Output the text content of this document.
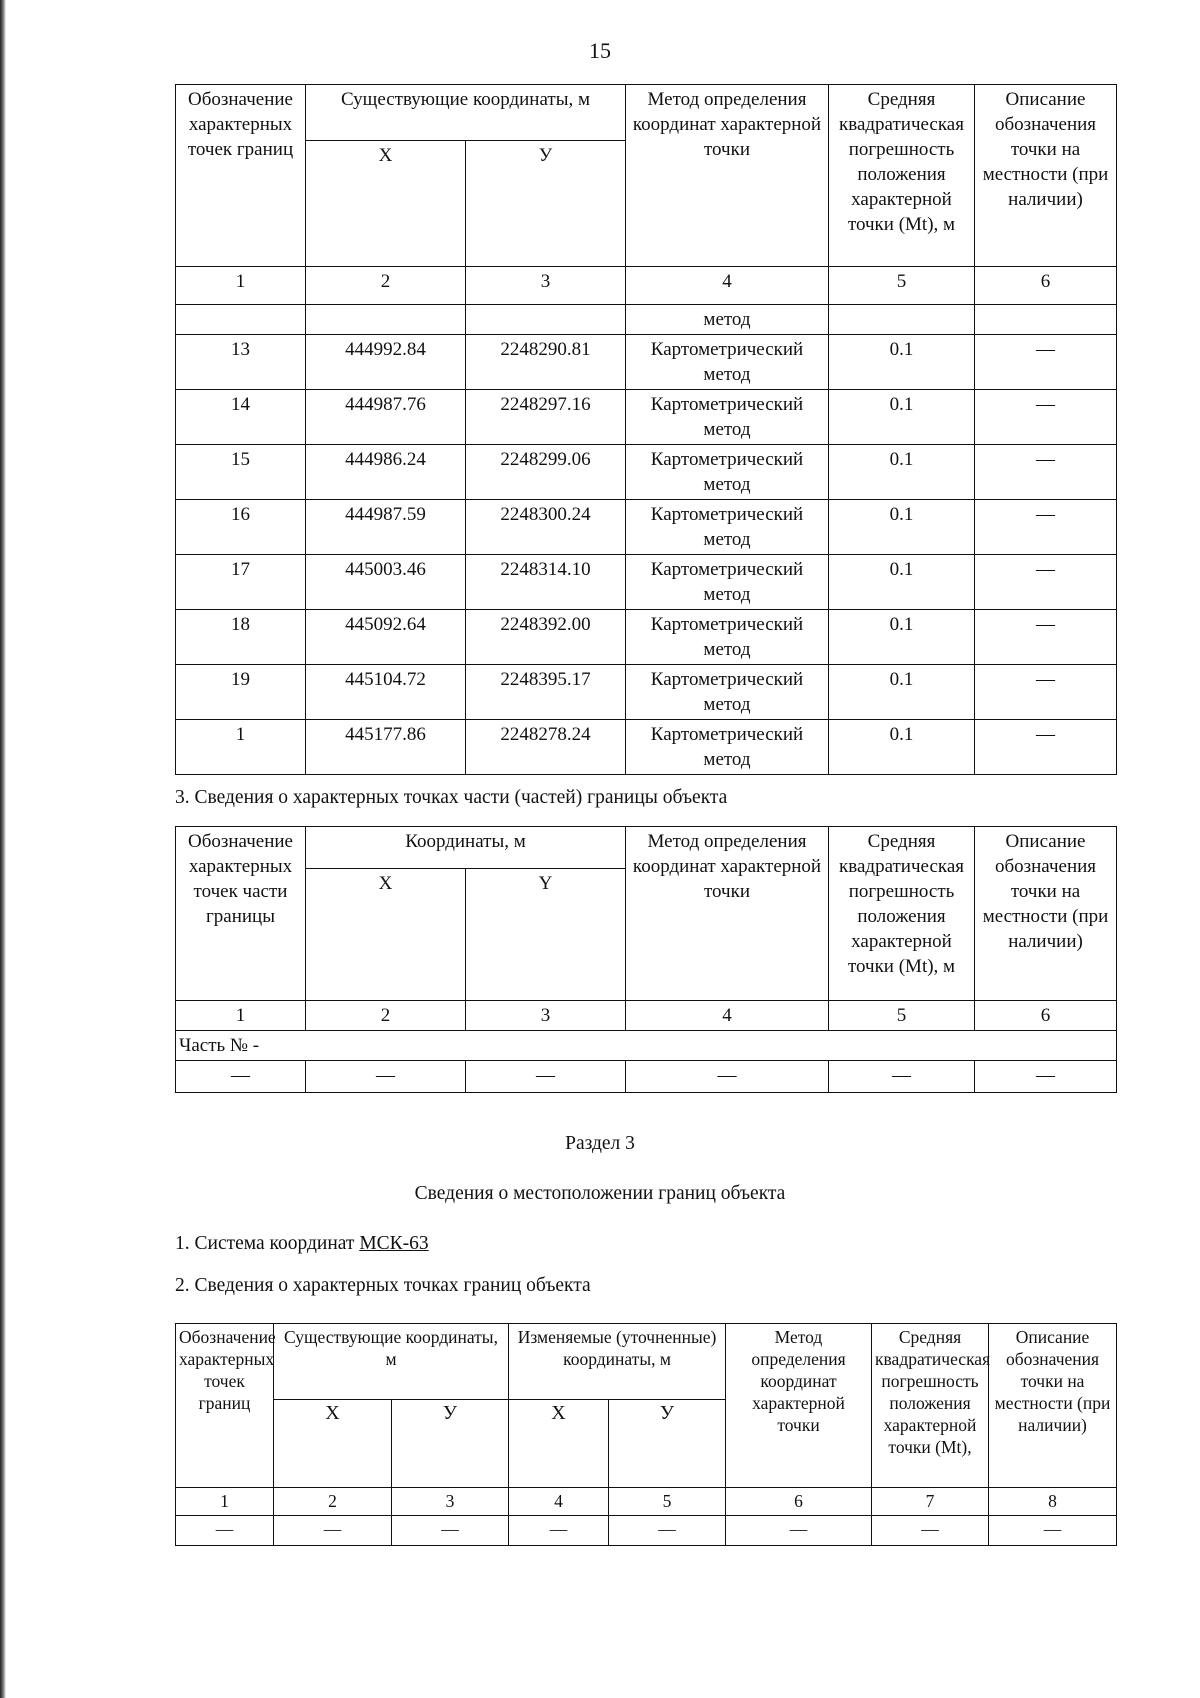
15
Обозначение характерных точек границ	Существующие координаты, м		Метод определения координат характерной точки	Средняя квадратическая погрешность положения характерной точки (Mt), м	Описание обозначения точки на местности (при наличии)
	Х	У			
1	2	3	4	5	6
			метод		
13	444992.84	2248290.81	Картометрический метод	0.1	—
14	444987.76	2248297.16	Картометрический метод	0.1	—
15	444986.24	2248299.06	Картометрический метод	0.1	—
16	444987.59	2248300.24	Картометрический метод	0.1	—
17	445003.46	2248314.10	Картометрический метод	0.1	—
18	445092.64	2248392.00	Картометрический метод	0.1	—
19	445104.72	2248395.17	Картометрический метод	0.1	—
1	445177.86	2248278.24	Картометрический метод	0.1	—
3. Сведения о характерных точках части (частей) границы объекта
Обозначение характерных точек части границы	Координаты, м		Метод определения координат характерной точки	Средняя квадратическая погрешность положения характерной точки (Mt), м	Описание обозначения точки на местности (при наличии)
	Х	Y			
1	2	3	4	5	6
Часть № -					
—	—	—	—	—	—
Раздел 3
Сведения о местоположении границ объекта
1. Система координат МСК-63
2. Сведения о характерных точках границ объекта
Обозначение характерных точек границ	Существующие координаты, м		Изменяемые (уточненные) координаты, м		Метод определения координат характерной точки	Средняя квадратическая погрешность положения характерной точки (Mt),	Описание обозначения точки на местности (при наличии)
	Х	У	Х	У			
1	2	3	4	5	6	7	8
—	—	—	—	—	—	—	—
